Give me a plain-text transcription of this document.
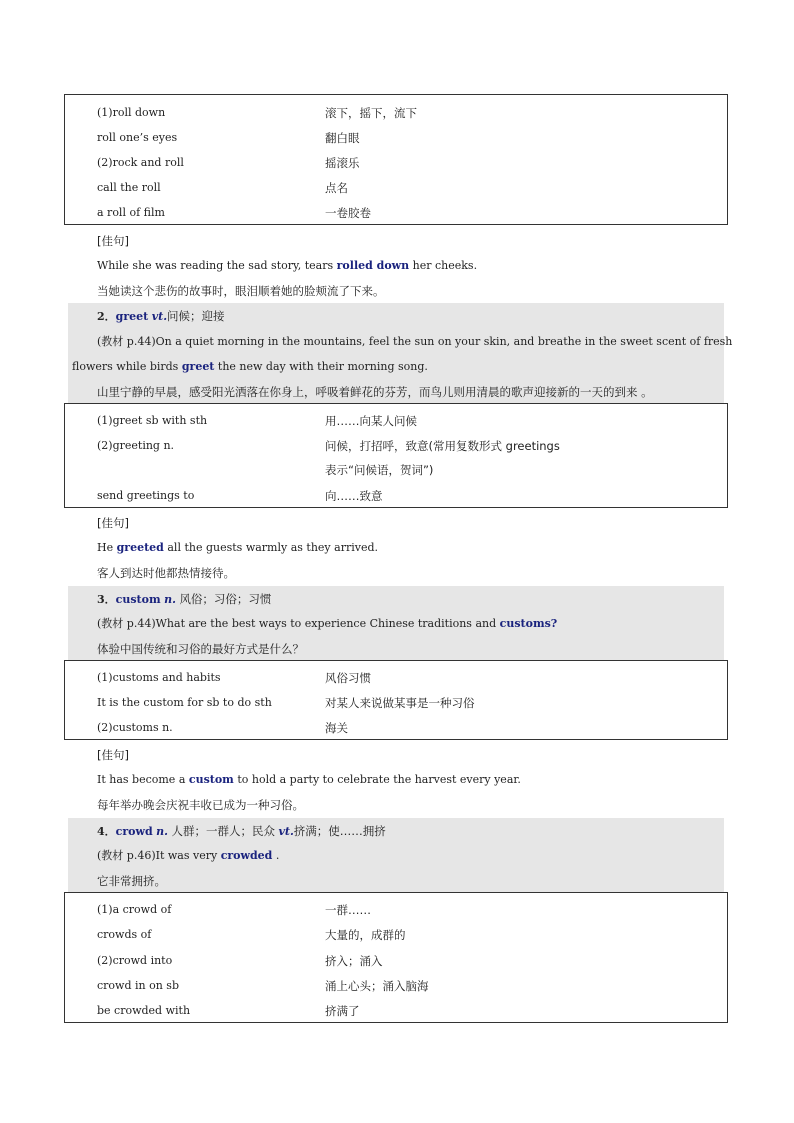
(1)roll down	滚下，摇下，流下
roll one’s eyes	翻白眼
(2)rock and roll	摇滚乐
call the roll	点名
a roll of film	一卷胶卷
[佳句]
While she was reading the sad story, tears rolled down her cheeks.
当她读这个悲伤的故事时，眼泪顺着她的脸颊流了下来。
2．greet vt.问候；迎接
(教材 p.44)On a quiet morning in the mountains, feel the sun on your skin, and breathe in the sweet scent of fresh
flowers while birds greet the new day with their morning song.
山里宁静的早晨，感受阳光洒落在你身上，呼吸着鲜花的芬芳，而鸟儿则用清晨的歌声迎接新的一天的到来 。
(1)greet sb with sth	用……向某人问候
(2)greeting n.	问候，打招呼，致意(常用复数形式 greetings
表示“问候语，贺词”)
send greetings to	向……致意
[佳句]
He greeted all the guests warmly as they arrived.
客人到达时他都热情接待。
3．custom n. 风俗；习俗；习惯
(教材 p.44)What are the best ways to experience Chinese traditions and customs?
体验中国传统和习俗的最好方式是什么？
(1)customs and habits	风俗习惯
It is the custom for sb to do sth	对某人来说做某事是一种习俗
(2)customs n.	海关
[佳句]
It has become a custom to hold a party to celebrate the harvest every year.
每年举办晚会庆祝丰收已成为一种习俗。
4．crowd n. 人群；一群人；民众 vt.挤满；使……拥挤
(教材 p.46)It was very crowded .
它非常拥挤。
(1)a crowd of	一群……
crowds of	大量的，成群的
(2)crowd into	挤入；涌入
crowd in on sb	涌上心头；涌入脑海
be crowded with	挤满了
